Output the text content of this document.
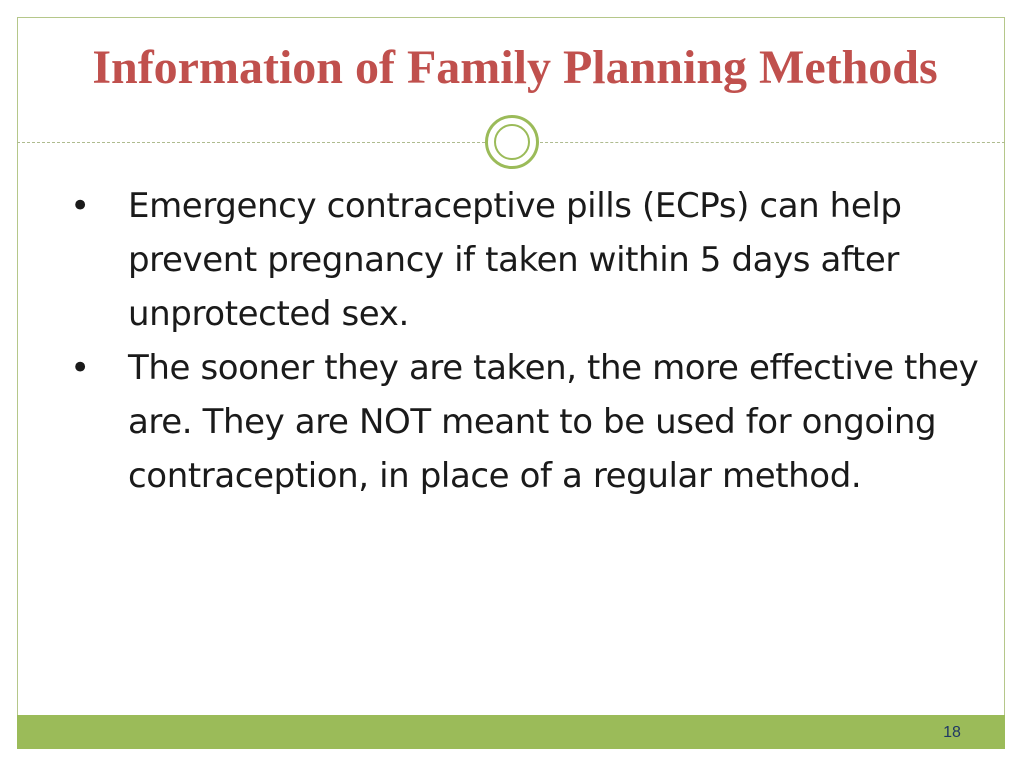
Information of Family Planning Methods
• Emergency contraceptive pills (ECPs) can help prevent pregnancy if taken within 5 days after unprotected sex.
• The sooner they are taken, the more effective they are. They are NOT meant to be used for ongoing contraception, in place of a regular method.
18
